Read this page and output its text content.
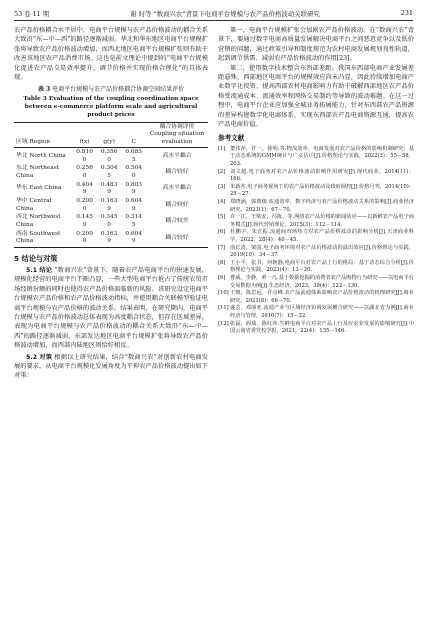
53 卷 11 期	谢 时等 “数商兴农”背景下电商平台规模与农产品价格波动关联研究	231

农产品价格耦合水平居中，电商平台规模与农产品价格波动的耦合关系大致沿“东—中—西”的路径逐渐减弱。华北和华东地区电商平台规模扩张将导致农产品价格波动增加，而西北地区电商平台规模扩张则有助于改善该地区农产品消费市场。这也是前文理论中提到的“电商平台规模化促进农产品交易效率提升，调节价格并实现价格合理化”的具体表现。

表 3 电商平台规模与农产品价格耦合协调空间结果评价
Table 3 Evaluation of the coupling coordination space between e-commerce platform scale and agricultural product prices
区域 Region	f(x)	g(y)	C	耦合协调评价 Coupling situation evaluation
华北 North China	0.810 0	0.356 0	0.683 5	高水平耦合
东北 Northeast China	0.256 0	0.304 5	0.504 0	耦合较好
华东 East China	0.404 9	0.483 9	0.803 9	高水平耦合
华中 Central China	0.200 0	0.163 9	0.604 9	耦合较好
西北 Northwest China	0.145 9	0.345 0	0.314 5	耦合较差
西南 Southwest China	0.200 0	0.163 9	0.604 9	耦合较好
5 结论与对策

5.1 结论 “数商兴农”背景下，随着农产品电商平台的快速发展，规模化经营的电商平台不断凸显，一些大型电商平台抢占了传统农贸市场经销份额的同时也使得农产品价格面临新的风险。该研究设定电商平台规模农产品价格和农产品价格波动指标，并使用耦合关联模型验证电商平台规模与农产品价格的波动关系。结果表明，在研究期内，电商平台规模与农产品价格波动总体表现为高度耦合状态，但存在区域差异，表现为电商平台规模与农产品价格波动的耦合关系大致沿“东—中—西”的路径逐渐减弱，东部发达地区电商平台规模扩张将导致农产品价格波动增加，而西部内陆地区则恰好相反。

5.2 对策 根据以上研究结果，结合“数商兴农”对创新农村电商发展的要求，从电商平台规模化发展角度为平抑农产品价格波动提出如下对策：

第一，电商平台规模扩张会加剧农产品价格波动。在“数商兴农”背景下，要通过数字电商高质量发展解决电商平台之间恶意竞争以及低价营销的问题，通过政策引导和制度规范为农村电商发展规划良性轨道，起到调节供需、减弱农产品价格波动的作用[23]。

第二，使用数字技术整合东西部差距。我国东西部电商产业发展差距悬殊，西部地区电商平台的规模效应尚未凸显，因此持续增加电商产业数字化投资，提高西部农村电商影响力有助于破解西部地区农产品价格受流通成本、流通效率和网络交易制约等导致的波动难题。在这一过程中，电商平台企业应加强全城业务拓展能力，针对东西部农产品资源的差异构建数字化电商体系，实现东西部农产品电商资源互通，提高农产品电商价值。

参考文献
[1] 董伟萍，许一，徐明.等.物流效率、电商发展对农产品价格的影响机制研究：基于动态系统的GMM统计与广义估计[J].价格理论与实践，2022(3)：55－58，203.
[2] 刘文超.电子商务对农产品价格波动影响作用研究[J].现代商业，2014(11)：166.
[3] 朱新杰.电子商务视角下的农产品价格波动及政府调控[J].价格月刊，2014(10)：25－27.
[4] 郑晓涵，郭朗俊.流通效率，数字经济与农产品价格波动关系的影响[J].商业经济研究，2023(1)：67－70.
[5] 许一江，王梁安，冯陈，等.网络农产品价格的新闻效应——以新鲜农产品电子商务模式[J].现代营销理论，2015(3)：112－114.
[6] 杜鹏宇，朱正振.流通商市场势力对农产品价格波动的影响分析[J].天津商业科学，2022，28(4)：40－45.
[7] 俞长清，梁国.电子商务环境对农产品价格波动的溢出效应[J].价格理论与实践，2019(10)：34－37.
[8] 王小平，张书，何婉静.电商平台对农产品上行的格局：基于动态综合分析[J].价格理论与实践，2023(4)：13－20.
[9] 曹威，李静，黄一凡.基于数据挖掘的消费者农产品购物行为研究——以电商平台交易数据为例[J].生态经济，2023，39(4)：122－130.
[10] 王朝，陈思远，许亮峰.农产品流通体系影响农产品价格波动的机理研究[J].商业研究，2021(8)：66－70.
[11] 盛芸，邓丽亚.流通产业与区域经济协调发展耦合研究——以湖北省为例[J].商业经济与管理，2016(7)：15－22.
[12] 张磊，阎瑞，陈红萍.生鲜电商平台对农产品上行及应农业发展的影响研究[J].中国云南省委党校学报，2021，22(4)：135－146.
